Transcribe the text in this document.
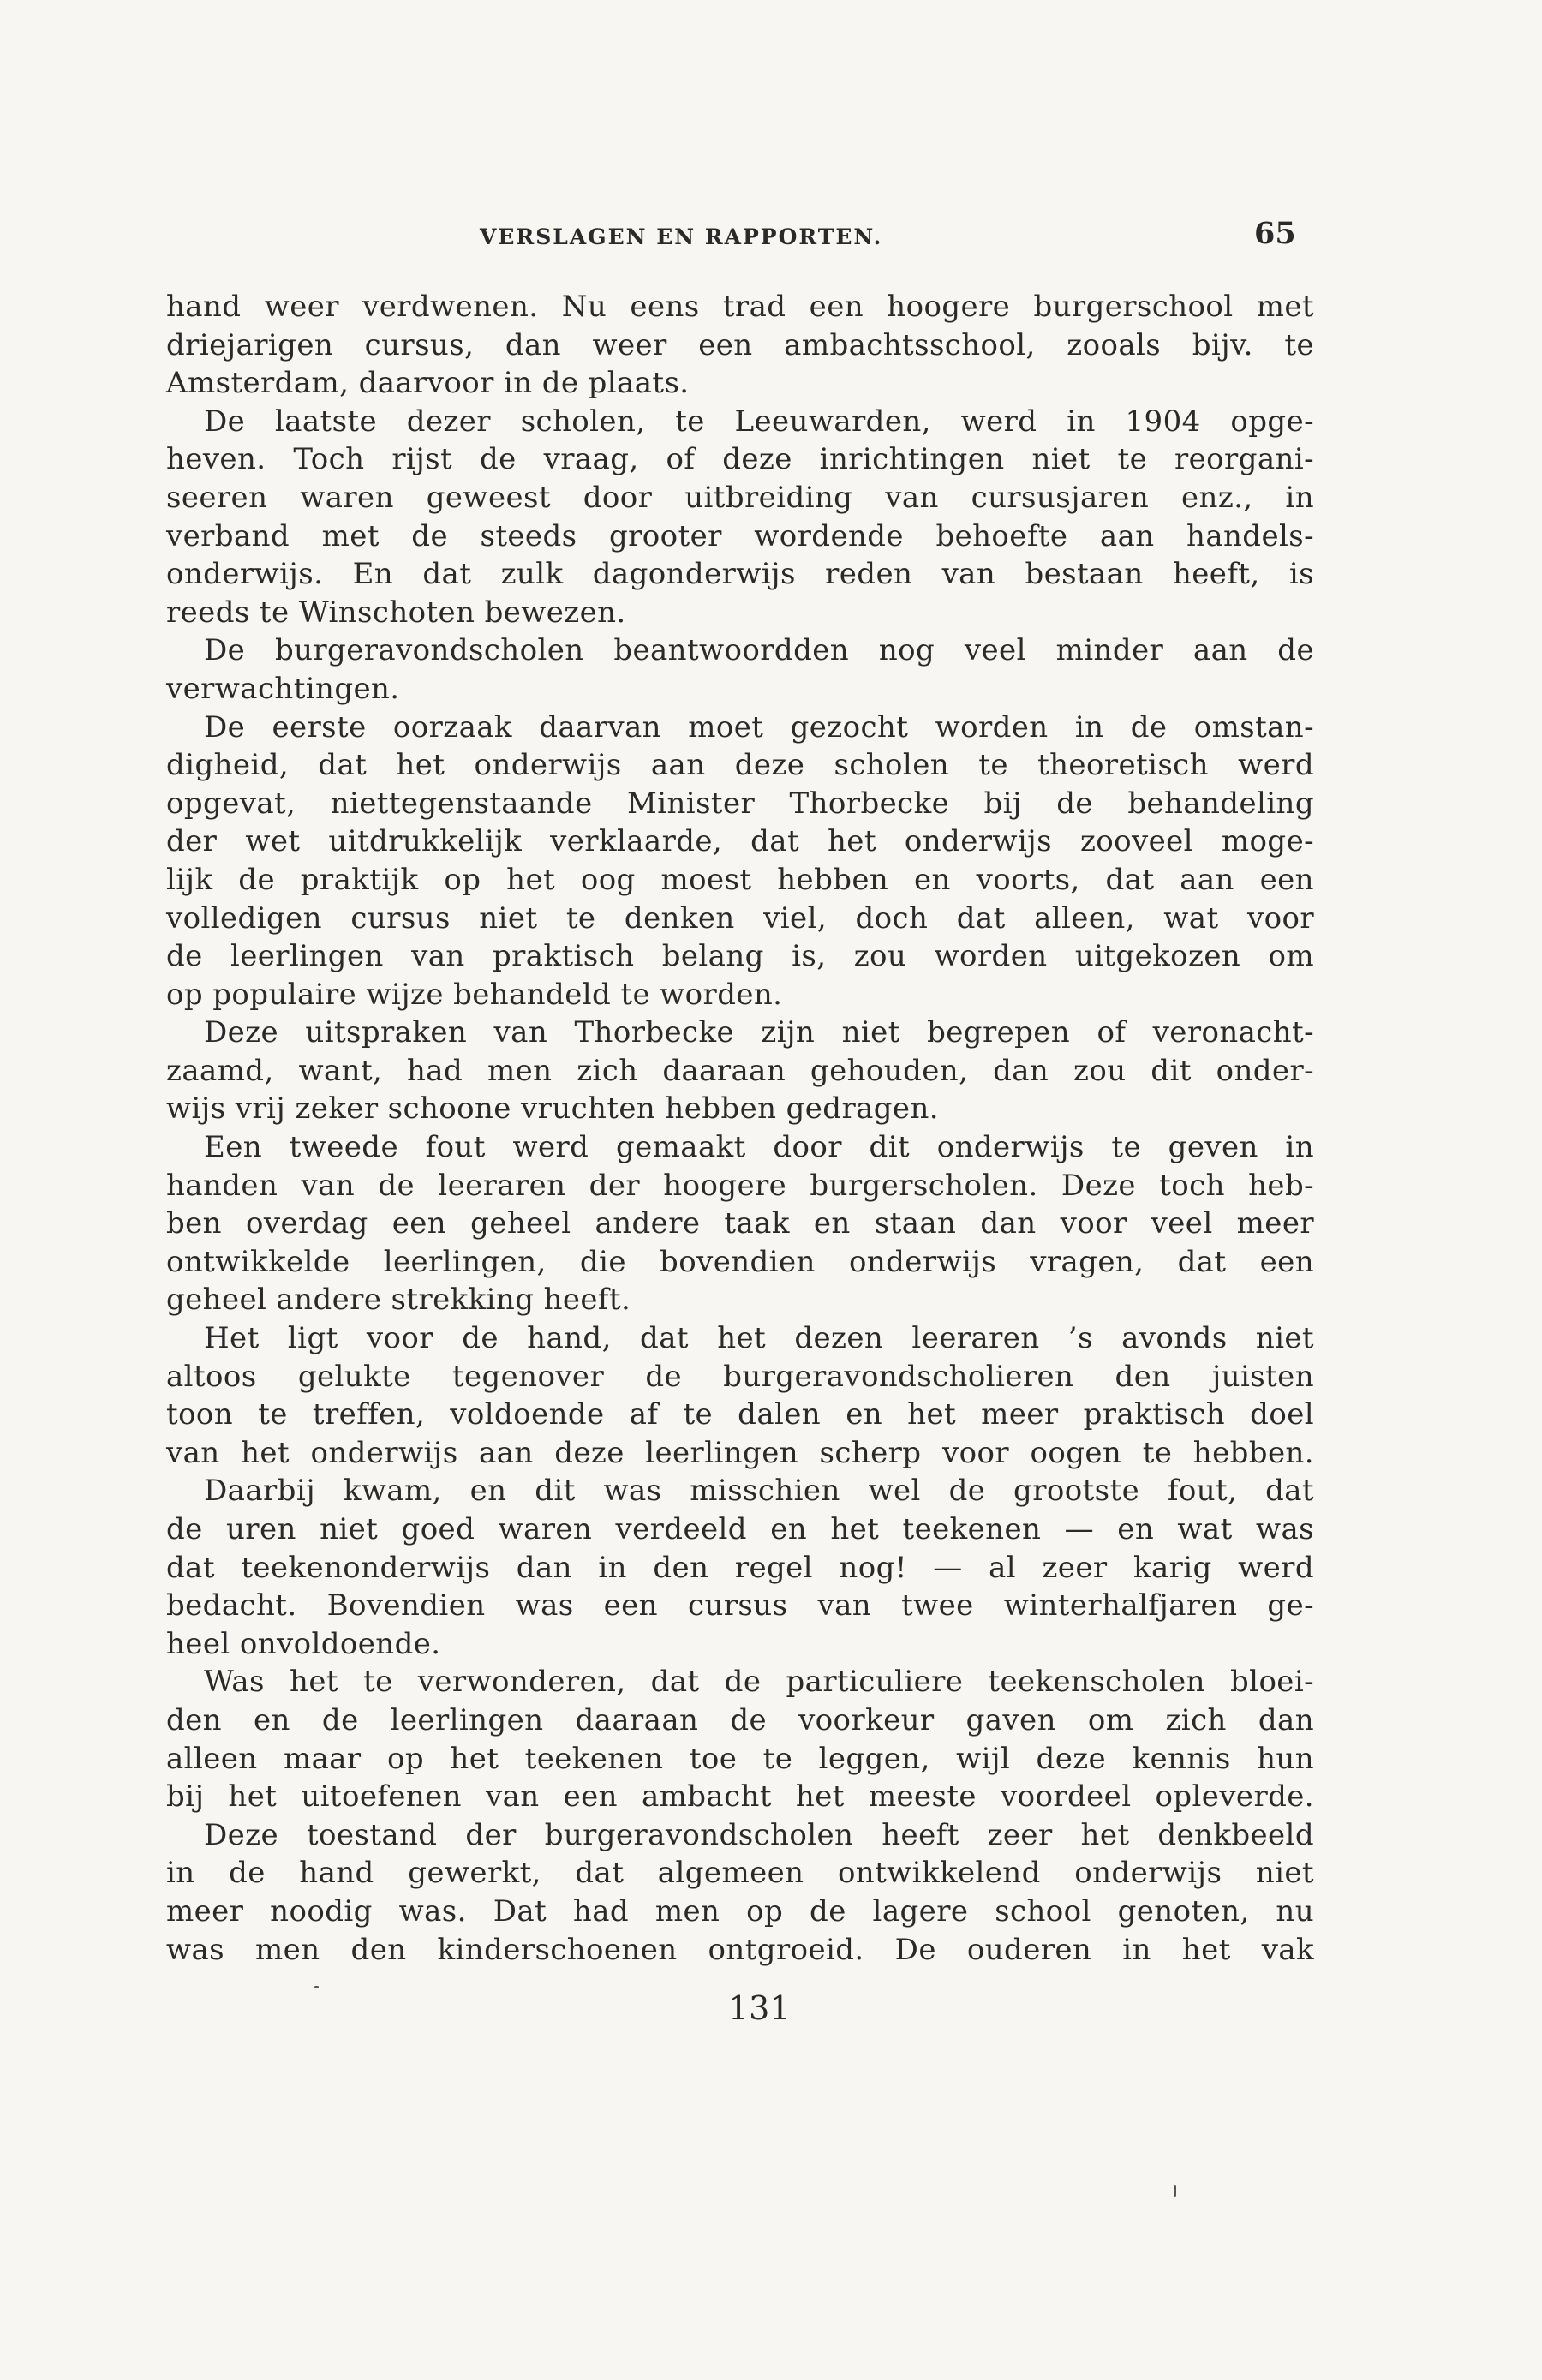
VERSLAGEN EN RAPPORTEN.	65
hand weer verdwenen. Nu eens trad een hoogere burgerschool met
driejarigen cursus, dan weer een ambachtsschool, zooals bijv. te
Amsterdam, daarvoor in de plaats.
De laatste dezer scholen, te Leeuwarden, werd in 1904 opge-
heven. Toch rijst de vraag, of deze inrichtingen niet te reorgani-
seeren waren geweest door uitbreiding van cursusjaren enz., in
verband met de steeds grooter wordende behoefte aan handels-
onderwijs. En dat zulk dagonderwijs reden van bestaan heeft, is
reeds te Winschoten bewezen.
De burgeravondscholen beantwoordden nog veel minder aan de
verwachtingen.
De eerste oorzaak daarvan moet gezocht worden in de omstan-
digheid, dat het onderwijs aan deze scholen te theoretisch werd
opgevat, niettegenstaande Minister Thorbecke bij de behandeling
der wet uitdrukkelijk verklaarde, dat het onderwijs zooveel moge-
lijk de praktijk op het oog moest hebben en voorts, dat aan een
volledigen cursus niet te denken viel, doch dat alleen, wat voor
de leerlingen van praktisch belang is, zou worden uitgekozen om
op populaire wijze behandeld te worden.
Deze uitspraken van Thorbecke zijn niet begrepen of veronacht-
zaamd, want, had men zich daaraan gehouden, dan zou dit onder-
wijs vrij zeker schoone vruchten hebben gedragen.
Een tweede fout werd gemaakt door dit onderwijs te geven in
handen van de leeraren der hoogere burgerscholen. Deze toch heb-
ben overdag een geheel andere taak en staan dan voor veel meer
ontwikkelde leerlingen, die bovendien onderwijs vragen, dat een
geheel andere strekking heeft.
Het ligt voor de hand, dat het dezen leeraren ’s avonds niet
altoos gelukte tegenover de burgeravondscholieren den juisten
toon te treffen, voldoende af te dalen en het meer praktisch doel
van het onderwijs aan deze leerlingen scherp voor oogen te hebben.
Daarbij kwam, en dit was misschien wel de grootste fout, dat
de uren niet goed waren verdeeld en het teekenen — en wat was
dat teekenonderwijs dan in den regel nog! — al zeer karig werd
bedacht. Bovendien was een cursus van twee winterhalfjaren ge-
heel onvoldoende.
Was het te verwonderen, dat de particuliere teekenscholen bloei-
den en de leerlingen daaraan de voorkeur gaven om zich dan
alleen maar op het teekenen toe te leggen, wijl deze kennis hun
bij het uitoefenen van een ambacht het meeste voordeel opleverde.
Deze toestand der burgeravondscholen heeft zeer het denkbeeld
in de hand gewerkt, dat algemeen ontwikkelend onderwijs niet
meer noodig was. Dat had men op de lagere school genoten, nu
was men den kinderschoenen ontgroeid. De ouderen in het vak
131
